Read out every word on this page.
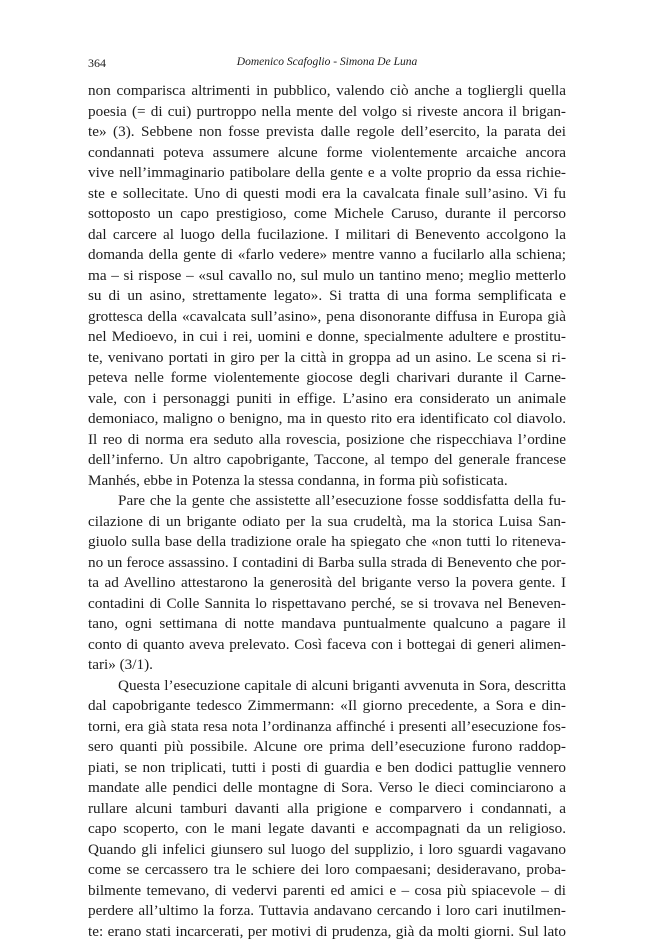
364	Domenico Scafoglio - Simona De Luna
non comparisca altrimenti in pubblico, valendo ciò anche a togliergli quella
poesia (= di cui) purtroppo nella mente del volgo si riveste ancora il brigan-
te» (3). Sebbene non fosse prevista dalle regole dell’esercito, la parata dei
condannati poteva assumere alcune forme violentemente arcaiche ancora
vive nell’immaginario patibolare della gente e a volte proprio da essa richie-
ste e sollecitate. Uno di questi modi era la cavalcata finale sull’asino. Vi fu
sottoposto un capo prestigioso, come Michele Caruso, durante il percorso
dal carcere al luogo della fucilazione. I militari di Benevento accolgono la
domanda della gente di «farlo vedere» mentre vanno a fucilarlo alla schiena;
ma – si rispose – «sul cavallo no, sul mulo un tantino meno; meglio metterlo
su di un asino, strettamente legato». Si tratta di una forma semplificata e
grottesca della «cavalcata sull’asino», pena disonorante diffusa in Europa già
nel Medioevo, in cui i rei, uomini e donne, specialmente adultere e prostitu-
te, venivano portati in giro per la città in groppa ad un asino. Le scena si ri-
peteva nelle forme violentemente giocose degli charivari durante il Carne-
vale, con i personaggi puniti in effige. L’asino era considerato un animale
demoniaco, maligno o benigno, ma in questo rito era identificato col diavolo.
Il reo di norma era seduto alla rovescia, posizione che rispecchiava l’ordine
dell’inferno. Un altro capobrigante, Taccone, al tempo del generale francese
Manhés, ebbe in Potenza la stessa condanna, in forma più sofisticata.
Pare che la gente che assistette all’esecuzione fosse soddisfatta della fu-
cilazione di un brigante odiato per la sua crudeltà, ma la storica Luisa San-
giuolo sulla base della tradizione orale ha spiegato che «non tutti lo riteneva-
no un feroce assassino. I contadini di Barba sulla strada di Benevento che por-
ta ad Avellino attestarono la generosità del brigante verso la povera gente. I
contadini di Colle Sannita lo rispettavano perché, se si trovava nel Beneven-
tano, ogni settimana di notte mandava puntualmente qualcuno a pagare il
conto di quanto aveva prelevato. Così faceva con i bottegai di generi alimen-
tari» (3/1).
Questa l’esecuzione capitale di alcuni briganti avvenuta in Sora, descritta
dal capobrigante tedesco Zimmermann: «Il giorno precedente, a Sora e din-
torni, era già stata resa nota l’ordinanza affinché i presenti all’esecuzione fos-
sero quanti più possibile. Alcune ore prima dell’esecuzione furono raddop-
piati, se non triplicati, tutti i posti di guardia e ben dodici pattuglie vennero
mandate alle pendici delle montagne di Sora. Verso le dieci cominciarono a
rullare alcuni tamburi davanti alla prigione e comparvero i condannati, a
capo scoperto, con le mani legate davanti e accompagnati da un religioso.
Quando gli infelici giunsero sul luogo del supplizio, i loro sguardi vagavano
come se cercassero tra le schiere dei loro compaesani; desideravano, proba-
bilmente temevano, di vedervi parenti ed amici e – cosa più spiacevole – di
perdere all’ultimo la forza. Tuttavia andavano cercando i loro cari inutilmen-
te: erano stati incarcerati, per motivi di prudenza, già da molti giorni. Sul lato
